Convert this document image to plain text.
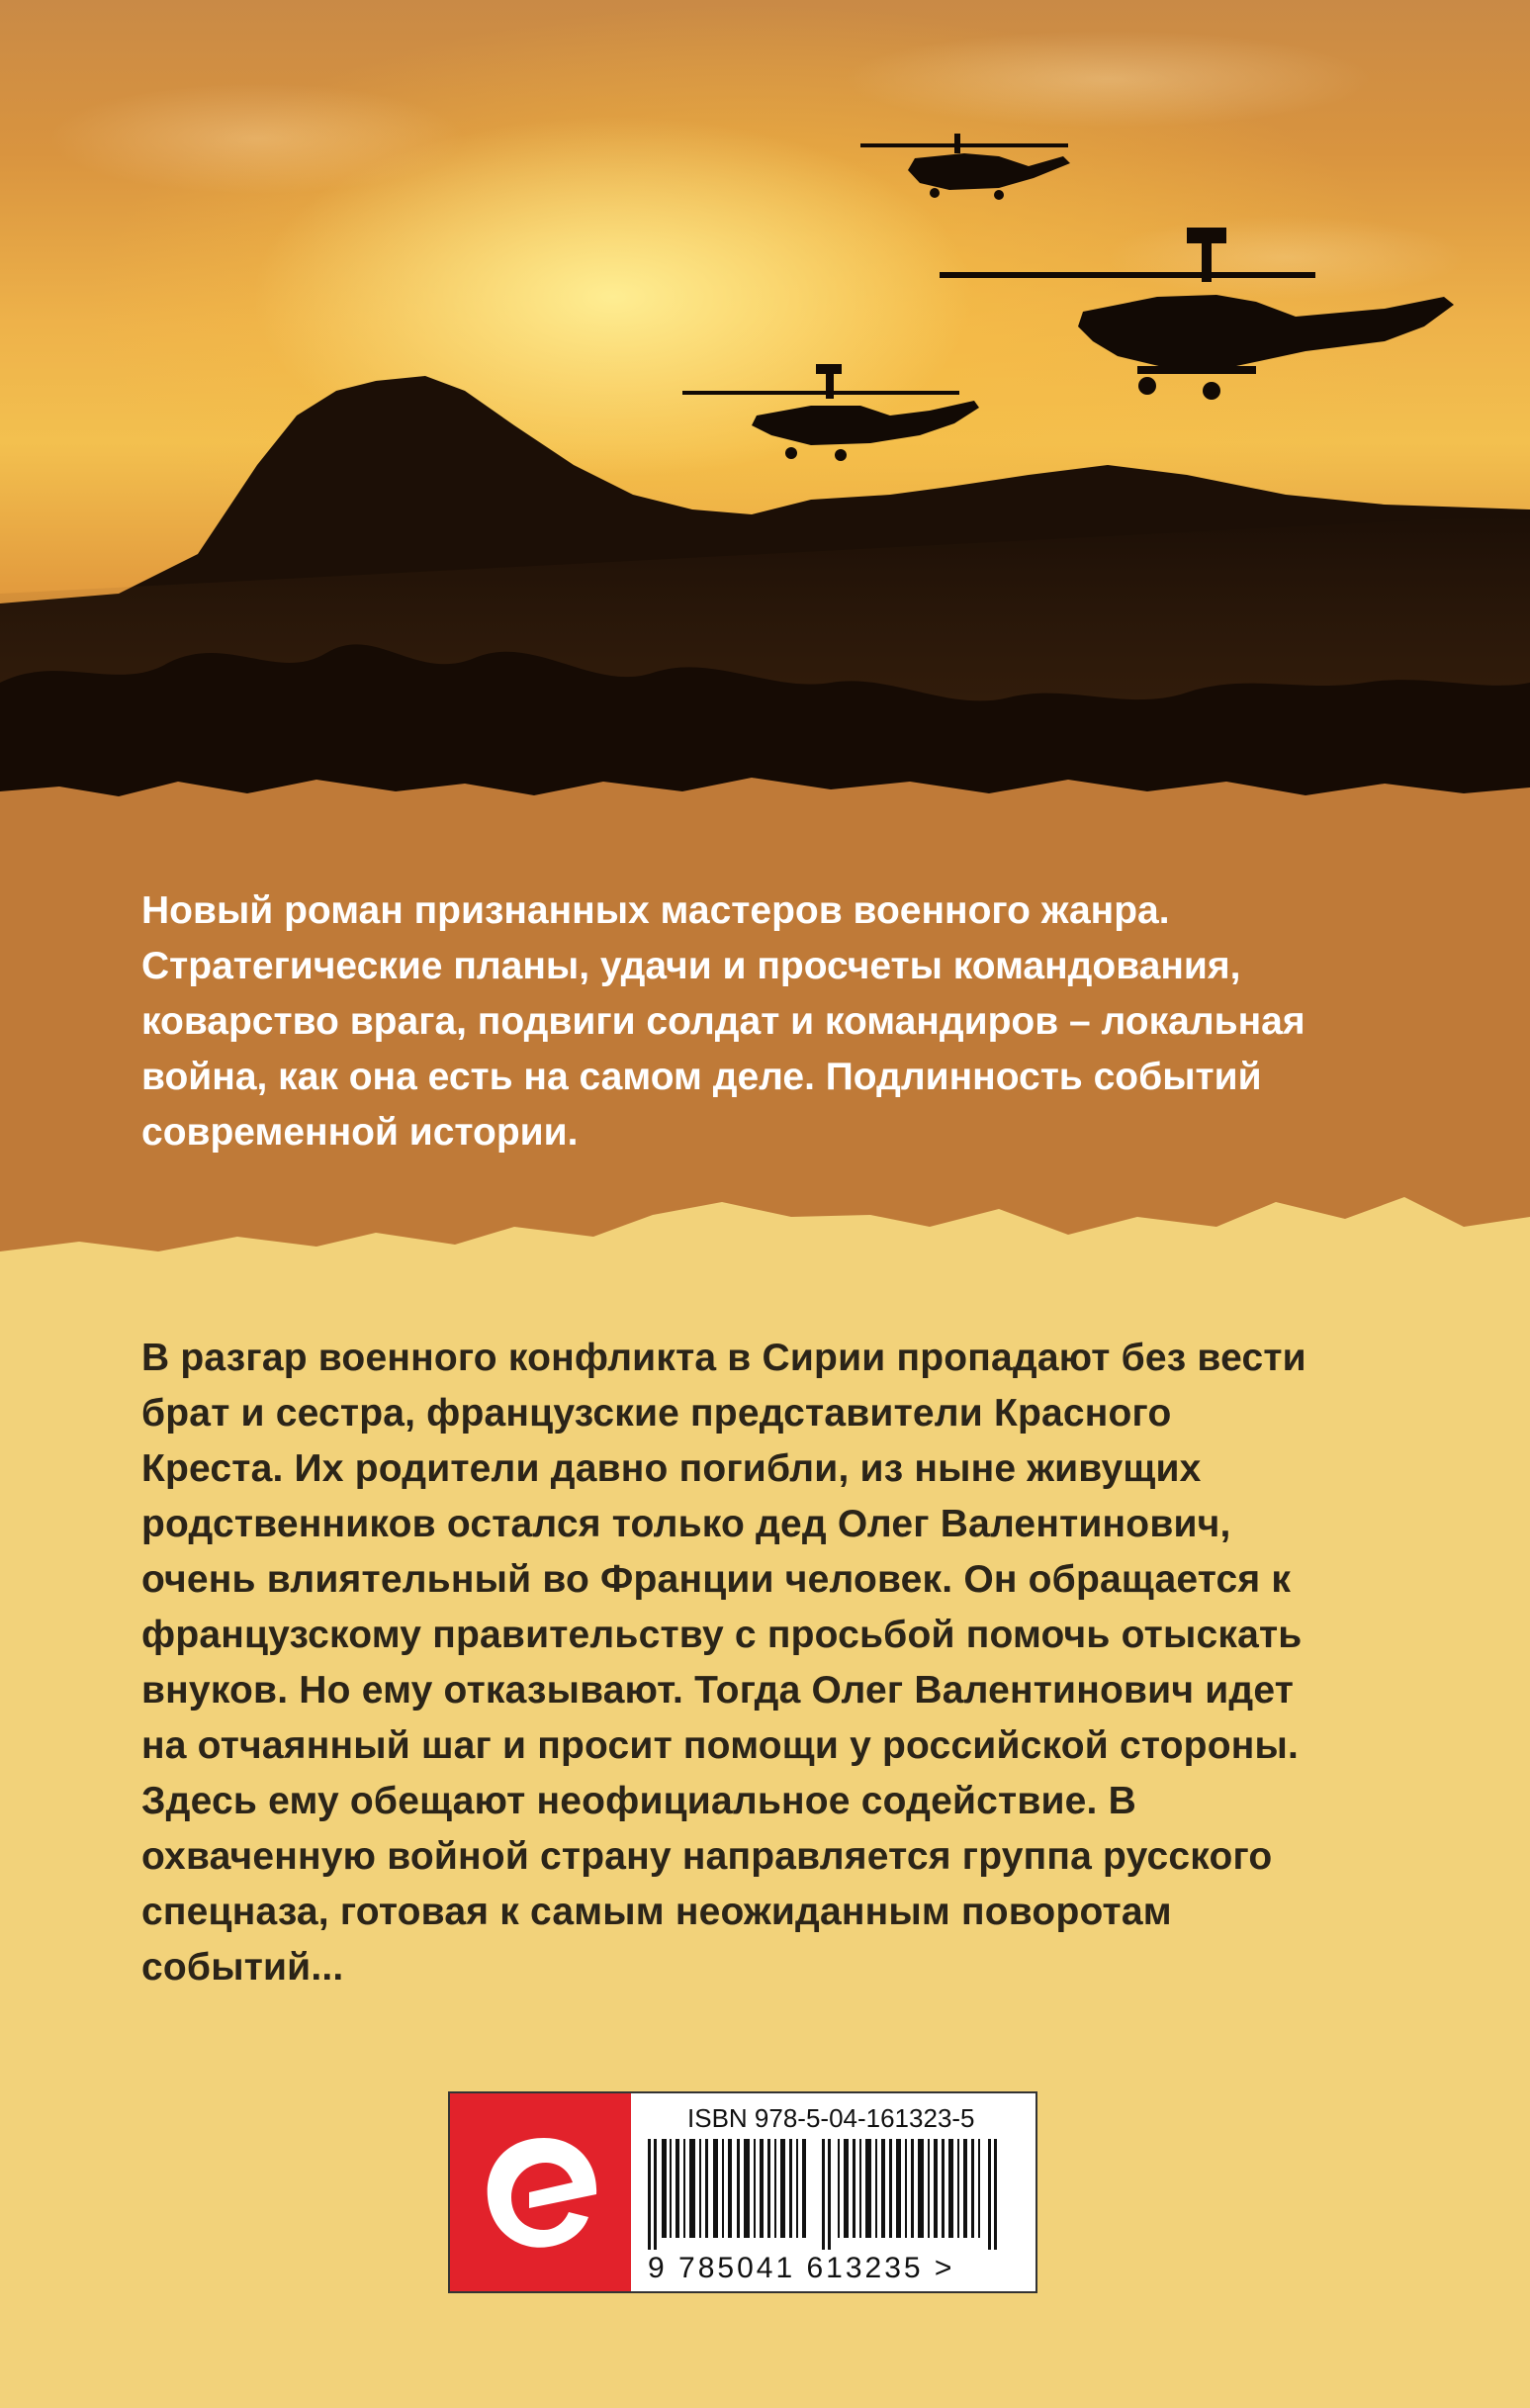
Новый роман признанных мастеров военного жанра. Стратегические планы, удачи и просчеты командования, коварство врага, подвиги солдат и командиров – локальная война, как она есть на самом деле. Подлинность событий современной истории.

В разгар военного конфликта в Сирии пропадают без вести брат и сестра, французские представители Красного Креста. Их родители давно погибли, из ныне живущих родственников остался только дед Олег Валентинович, очень влиятельный во Франции человек. Он обращается к французскому правительству с просьбой помочь отыскать внуков. Но ему отказывают. Тогда Олег Валентинович идет на отчаянный шаг и просит помощи у российской стороны. Здесь ему обещают неофициальное содействие. В охваченную войной страну направляется группа русского спецназа, готовая к самым неожиданным поворотам событий...

ISBN 978-5-04-161323-5
9 785041 613235 >
